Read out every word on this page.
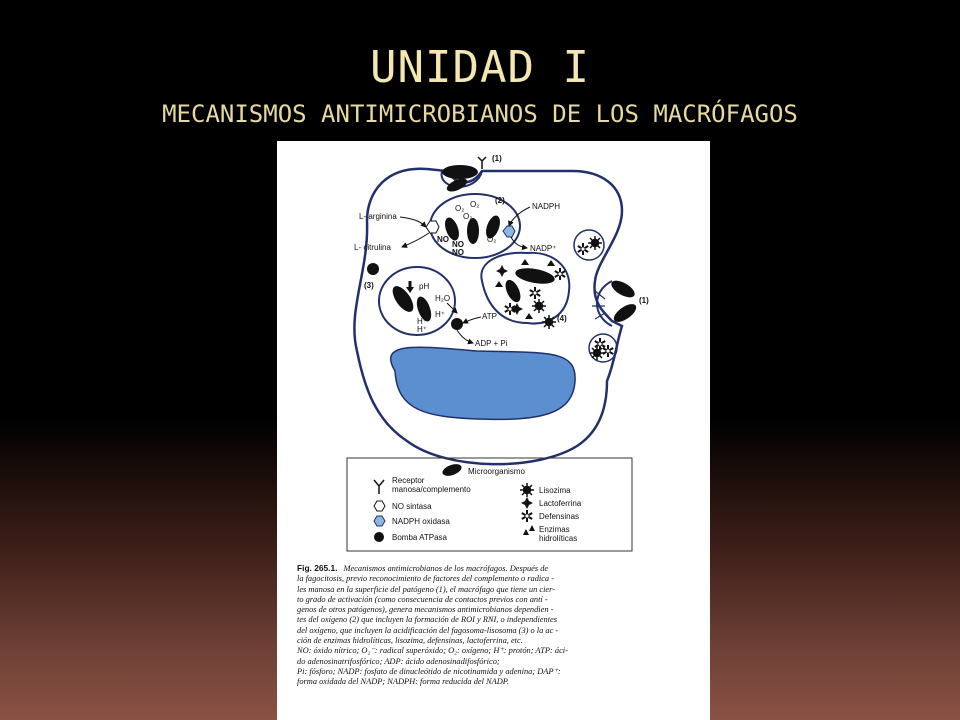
UNIDAD I
MECANISMOS ANTIMICROBIANOS DE LOS MACRÓFAGOS
(1)
(1)
(2)
O₂ O₂
O₂
O₂
NO
NO
NO
L- arginina
L- citrulina
NADPH
NADP⁺
(3)	pH
H₂O
H⁺
H⁺
H⁺
ATP
ADP + Pi
(4)
Microorganismo
Receptor
manosa/complemento
NO sintasa
NADPH oxidasa
Bomba ATPasa
Lisozima
Lactoferrina
Defensinas
Enzimas
hidrolíticas
Fig. 265.1. Mecanismos antimicrobianos de los macrófagos. Después de
la fagocitosis, previo reconocimiento de factores del complemento o radica -
les manosa en la superficie del patógeno (1), el macrófago que tiene un cier-
to grado de activación (como consecuencia de contactos previos con antí -
genos de otros patógenos), genera mecanismos antimicrobianos dependien -
tes del oxígeno (2) que incluyen la formación de ROI y RNI, o independientes
del oxígeno, que incluyen la acidificación del fagosoma-lisosoma (3) o la ac -
ción de enzimas hidrolíticas, lisozima, defensinas, lactoferrina, etc.
NO: óxido nítrico; O₂⁻: radical superóxido; O₂: oxígeno; H⁺: protón; ATP: áci-
do adenosinatrifosfórico; ADP: ácido adenosinadifosfórico;
Pi: fósforo; NADP: fosfato de dinucleótido de nicotinamida y adenina; DAP⁺:
forma oxidada del NADP; NADPH: forma reducida del NADP.
